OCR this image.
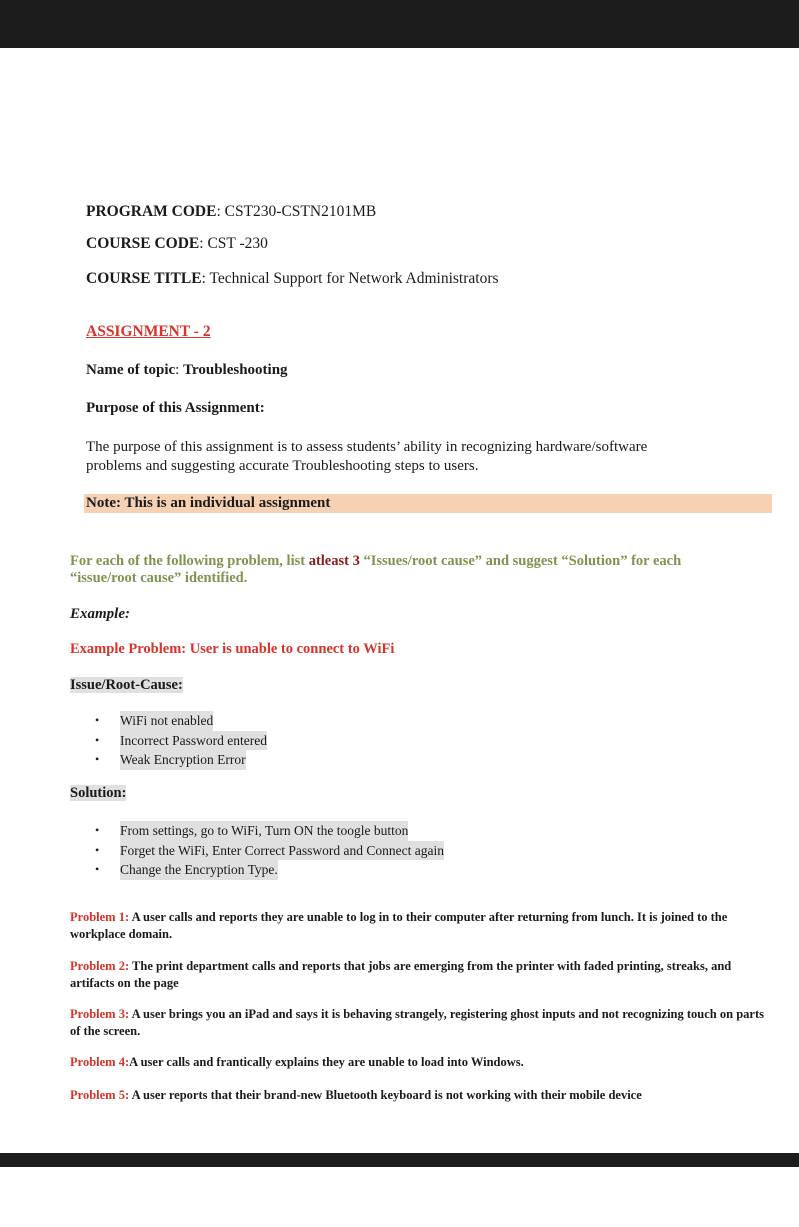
PROGRAM CODE: CST230-CSTN2101MB
COURSE CODE: CST -230
COURSE TITLE: Technical Support for Network Administrators
ASSIGNMENT - 2
Name of topic: Troubleshooting
Purpose of this Assignment:
The purpose of this assignment is to assess students’ ability in recognizing hardware/software
problems and suggesting accurate Troubleshooting steps to users.
Note: This is an individual assignment
For each of the following problem, list atleast 3 “Issues/root cause” and suggest “Solution” for each
“issue/root cause” identified.
Example:
Example Problem: User is unable to connect to WiFi
Issue/Root-Cause:
•	WiFi not enabled
•	Incorrect Password entered
•	Weak Encryption Error
Solution:
•	From settings, go to WiFi, Turn ON the toogle button
•	Forget the WiFi, Enter Correct Password and Connect again
•	Change the Encryption Type.
Problem 1: A user calls and reports they are unable to log in to their computer after returning from lunch. It is joined to the workplace domain.
Problem 2: The print department calls and reports that jobs are emerging from the printer with faded printing, streaks, and artifacts on the page
Problem 3: A user brings you an iPad and says it is behaving strangely, registering ghost inputs and not recognizing touch on parts of the screen.
Problem 4:A user calls and frantically explains they are unable to load into Windows.
Problem 5: A user reports that their brand-new Bluetooth keyboard is not working with their mobile device
